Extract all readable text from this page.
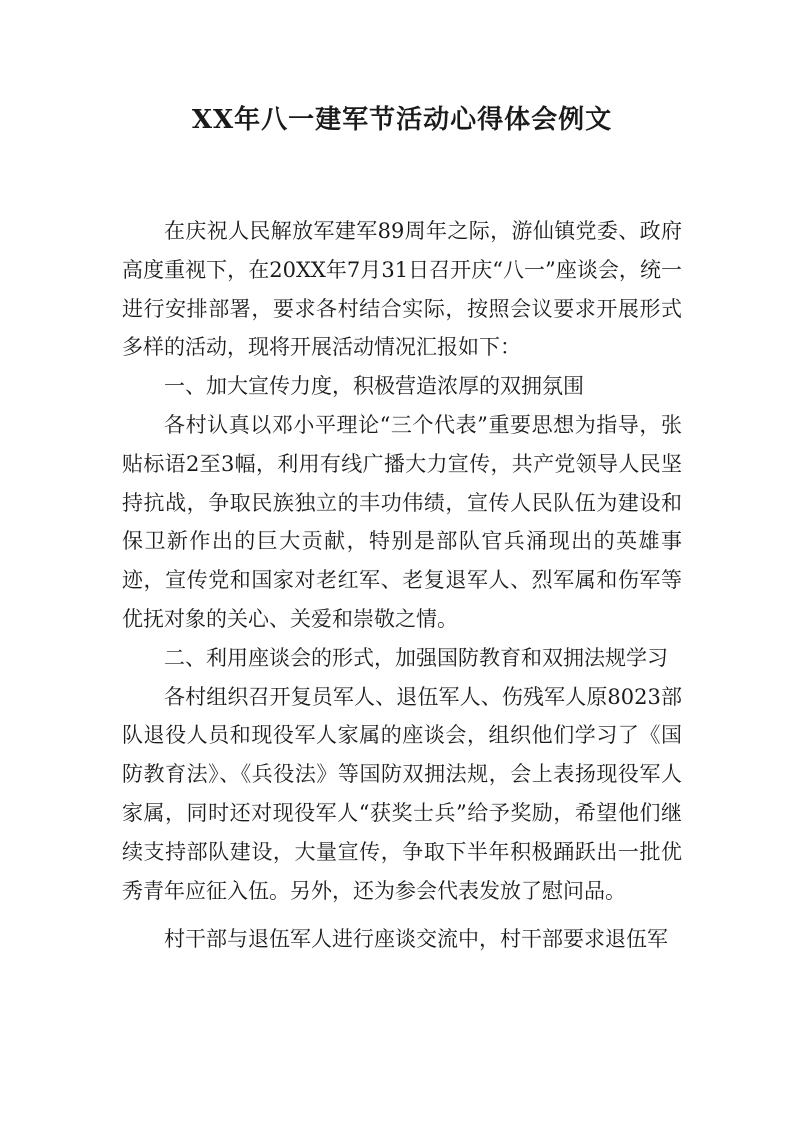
XX年八一建军节活动心得体会例文

在庆祝人民解放军建军89周年之际，游仙镇党委、政府高度重视下，在20XX年7月31日召开庆“八一”座谈会，统一进行安排部署，要求各村结合实际，按照会议要求开展形式多样的活动，现将开展活动情况汇报如下：

一、加大宣传力度，积极营造浓厚的双拥氛围

各村认真以邓小平理论“三个代表”重要思想为指导，张贴标语2至3幅，利用有线广播大力宣传，共产党领导人民坚持抗战，争取民族独立的丰功伟绩，宣传人民队伍为建设和保卫新作出的巨大贡献，特别是部队官兵涌现出的英雄事迹，宣传党和国家对老红军、老复退军人、烈军属和伤军等优抚对象的关心、关爱和崇敬之情。

二、利用座谈会的形式，加强国防教育和双拥法规学习

各村组织召开复员军人、退伍军人、伤残军人原8023部队退役人员和现役军人家属的座谈会，组织他们学习了《国防教育法》、《兵役法》等国防双拥法规，会上表扬现役军人家属，同时还对现役军人“获奖士兵”给予奖励，希望他们继续支持部队建设，大量宣传，争取下半年积极踊跃出一批优秀青年应征入伍。另外，还为参会代表发放了慰问品。

村干部与退伍军人进行座谈交流中，村干部要求退伍军
